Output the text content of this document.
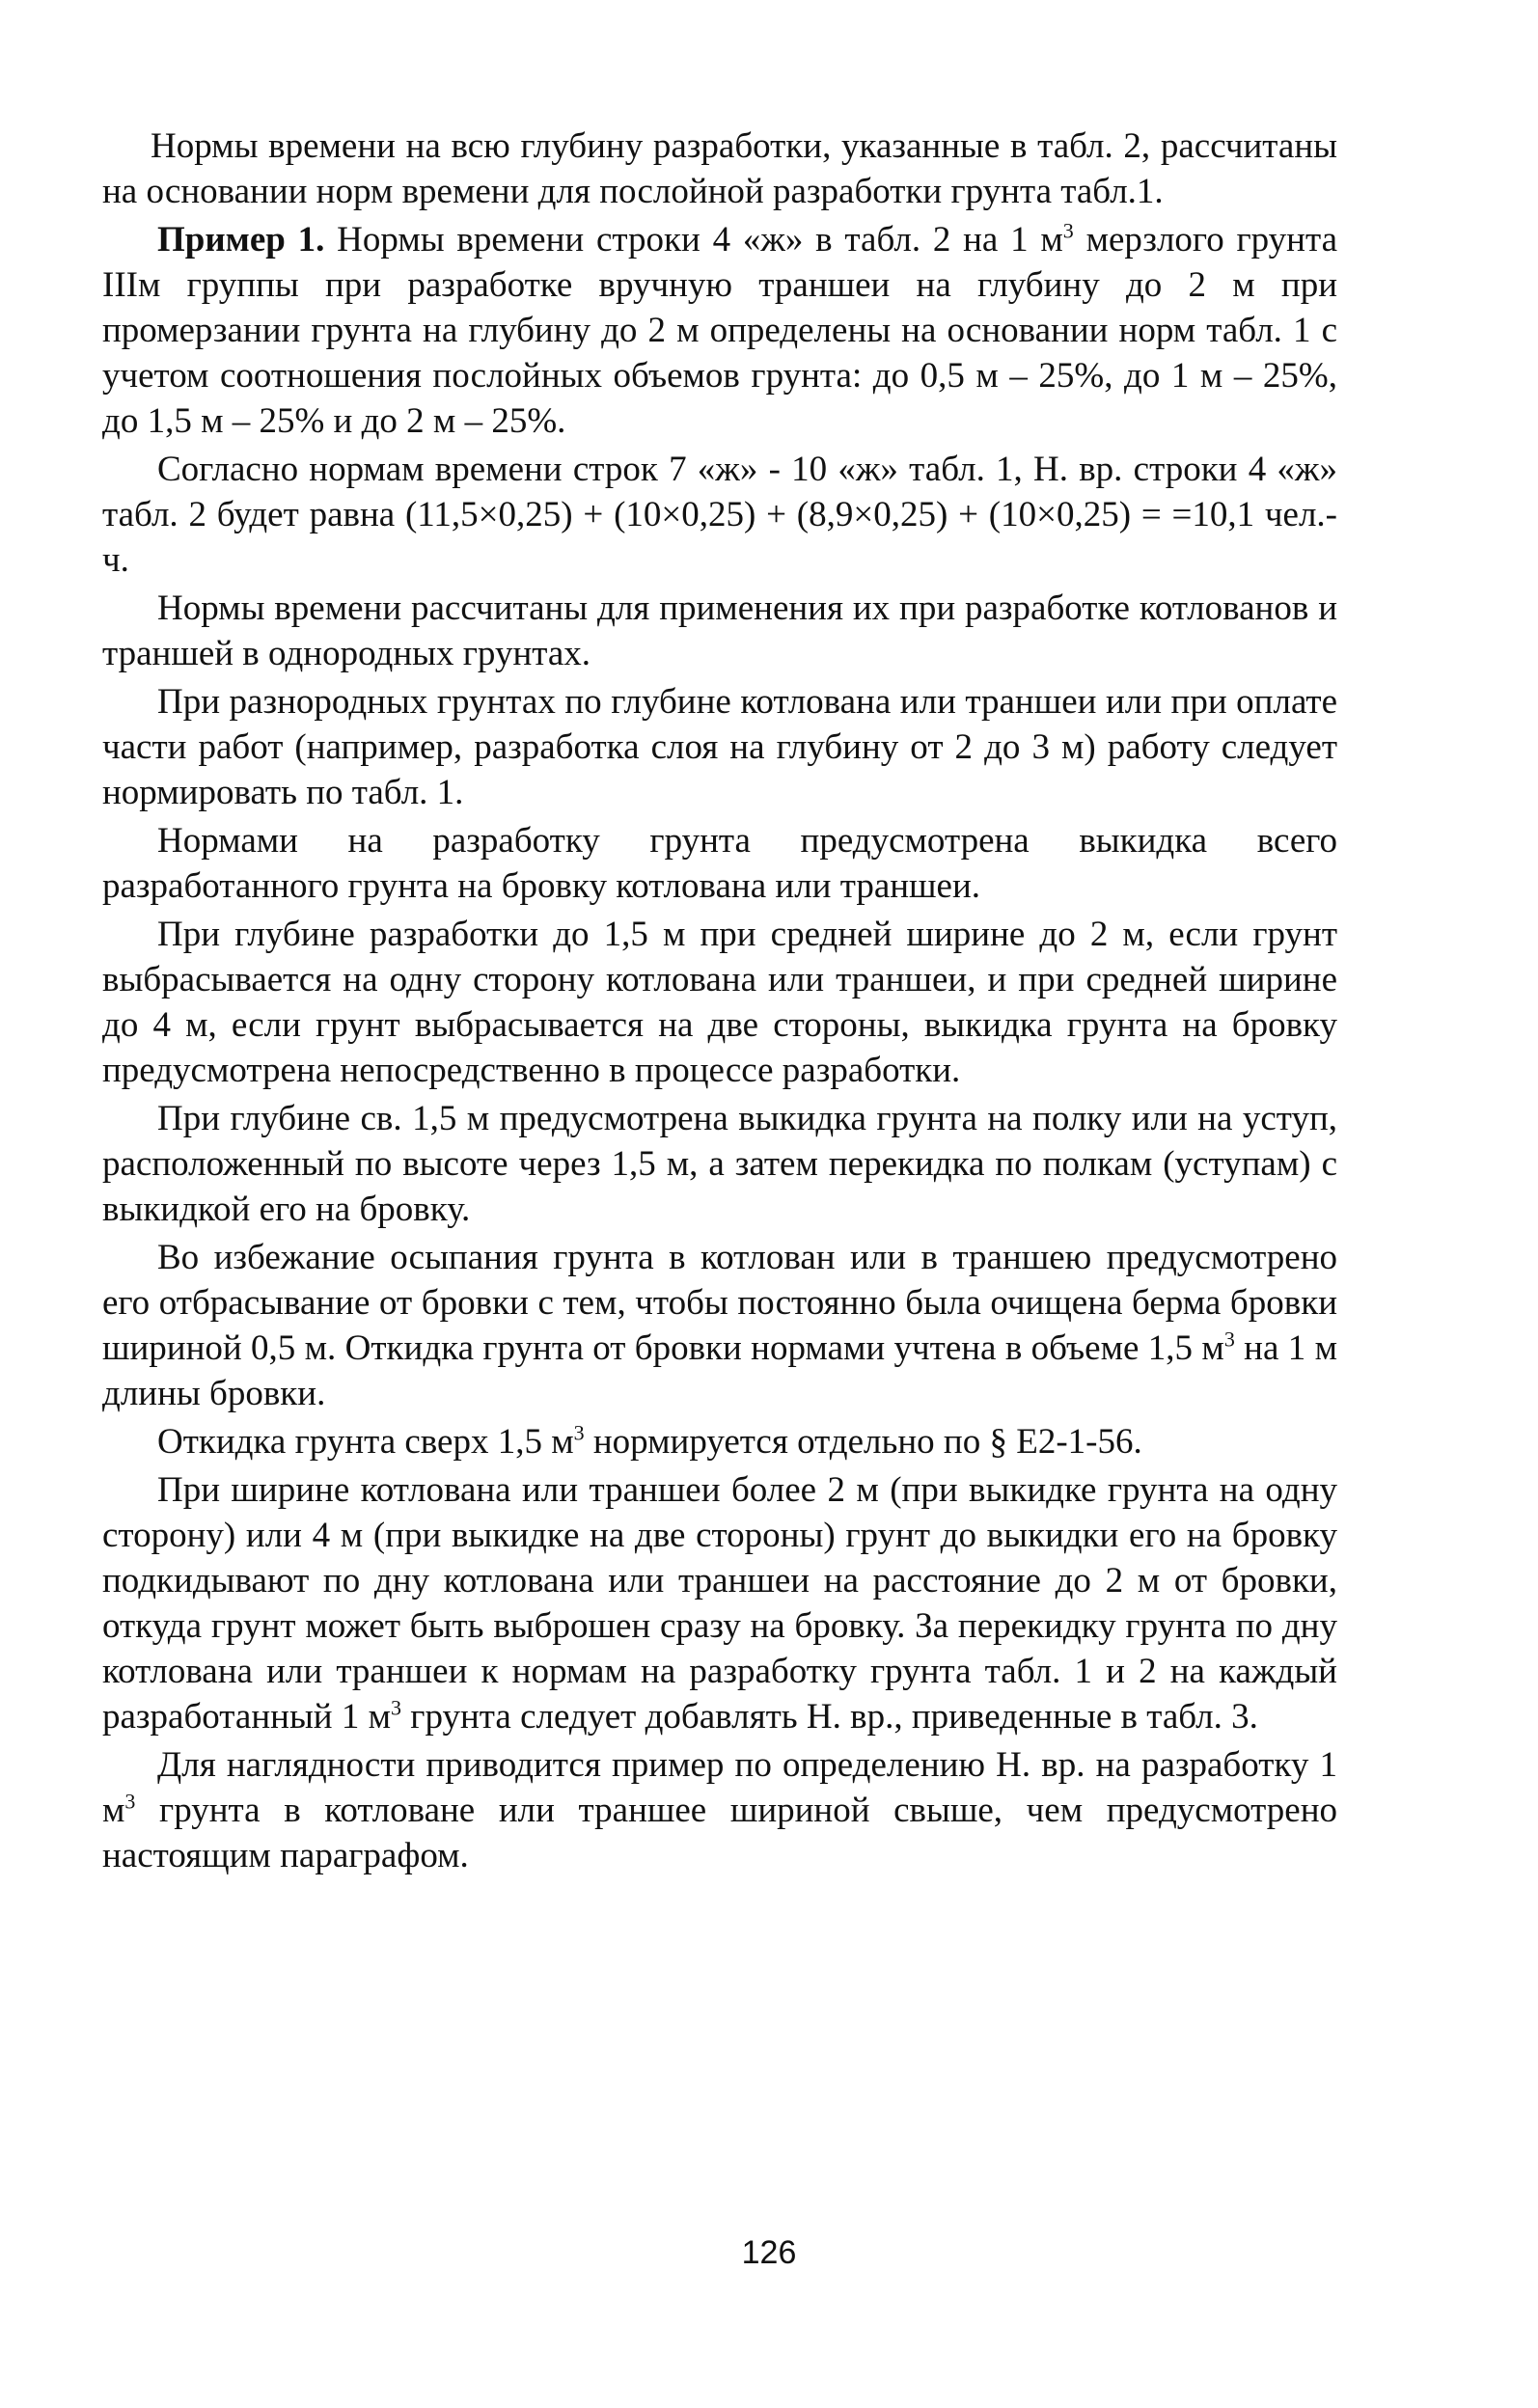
Нормы времени на всю глубину разработки, указанные в табл. 2, рассчитаны на основании норм времени для послойной разработки грунта табл.1.

Пример 1. Нормы времени строки 4 «ж» в табл. 2 на 1 $м^3$ мерзлого грунта IIIм группы при разработке вручную траншеи на глубину до 2 м при промерзании грунта на глубину до 2 м определены на основании норм табл. 1 с учетом соотношения послойных объемов грунта: до 0,5 м – 25%, до 1 м – 25%, до 1,5 м – 25% и до 2 м – 25%.

Согласно нормам времени строк 7 «ж» - 10 «ж» табл. 1, Н. вр. строки 4 «ж» табл. 2 будет равна (11,5×0,25) + (10×0,25) + (8,9×0,25) + (10×0,25) = =10,1 чел.-ч.

Нормы времени рассчитаны для применения их при разработке котлованов и траншей в однородных грунтах.

При разнородных грунтах по глубине котлована или траншеи или при оплате части работ (например, разработка слоя на глубину от 2 до 3 м) работу следует нормировать по табл. 1.

Нормами на разработку грунта предусмотрена выкидка всего разработанного грунта на бровку котлована или траншеи.

При глубине разработки до 1,5 м при средней ширине до 2 м, если грунт выбрасывается на одну сторону котлована или траншеи, и при средней ширине до 4 м, если грунт выбрасывается на две стороны, выкидка грунта на бровку предусмотрена непосредственно в процессе разработки.

При глубине св. 1,5 м предусмотрена выкидка грунта на полку или на уступ, расположенный по высоте через 1,5 м, а затем перекидка по полкам (уступам) с выкидкой его на бровку.

Во избежание осыпания грунта в котлован или в траншею предусмотрено его отбрасывание от бровки с тем, чтобы постоянно была очищена берма бровки шириной 0,5 м. Откидка грунта от бровки нормами учтена в объеме 1,5 $м^3$ на 1 м длины бровки.

Откидка грунта сверх 1,5 $м^3$ нормируется отдельно по § Е2-1-56.

При ширине котлована или траншеи более 2 м (при выкидке грунта на одну сторону) или 4 м (при выкидке на две стороны) грунт до выкидки его на бровку подкидывают по дну котлована или траншеи на расстояние до 2 м от бровки, откуда грунт может быть выброшен сразу на бровку. За перекидку грунта по дну котлована или траншеи к нормам на разработку грунта табл. 1 и 2 на каждый разработанный 1 $м^3$ грунта следует добавлять Н. вр., приведенные в табл. 3.

Для наглядности приводится пример по определению Н. вр. на разработку 1 $м^3$ грунта в котловане или траншее шириной свыше, чем предусмотрено настоящим параграфом.

126
